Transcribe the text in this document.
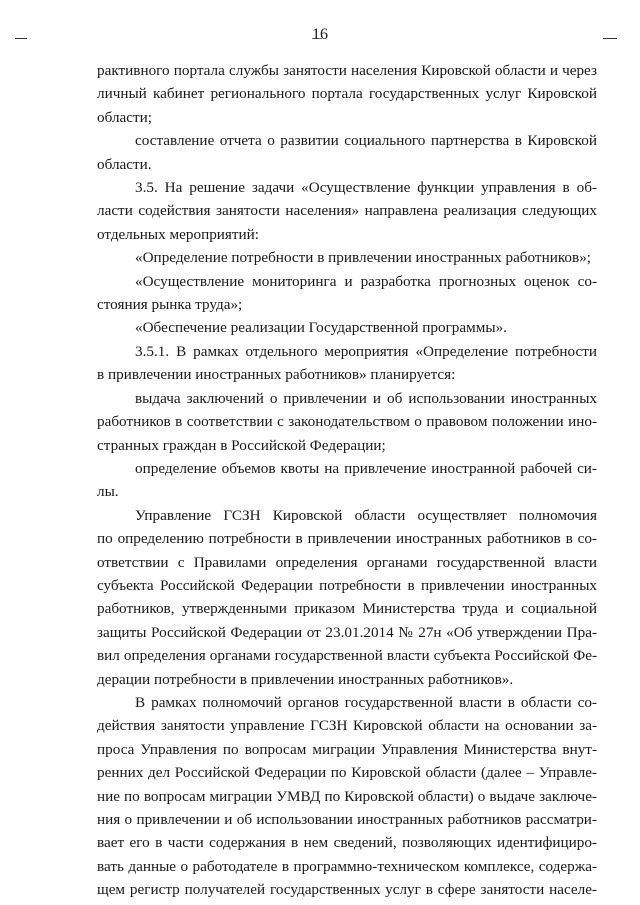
16

рактивного портала службы занятости населения Кировской области и через

личный кабинет регионального портала государственных услуг Кировской

области;

составление отчета о развитии социального партнерства в Кировской

области.

3.5. На решение задачи «Осуществление функции управления в об-

ласти содействия занятости населения» направлена реализация следующих

отдельных мероприятий:

«Определение потребности в привлечении иностранных работников»;

«Осуществление мониторинга и разработка прогнозных оценок со-

стояния рынка труда»;

«Обеспечение реализации Государственной программы».

3.5.1. В рамках отдельного мероприятия «Определение потребности

в привлечении иностранных работников» планируется:

выдача заключений о привлечении и об использовании иностранных

работников в соответствии с законодательством о правовом положении ино-

странных граждан в Российской Федерации;

определение объемов квоты на привлечение иностранной рабочей си-

лы.

Управление ГСЗН Кировской области осуществляет полномочия

по определению потребности в привлечении иностранных работников в со-

ответствии с Правилами определения органами государственной власти

субъекта Российской Федерации потребности в привлечении иностранных

работников, утвержденными приказом Министерства труда и социальной

защиты Российской Федерации от 23.01.2014 № 27н «Об утверждении Пра-

вил определения органами государственной власти субъекта Российской Фе-

дерации потребности в привлечении иностранных работников».

В рамках полномочий органов государственной власти в области со-

действия занятости управление ГСЗН Кировской области на основании за-

проса Управления по вопросам миграции Управления Министерства внут-

ренних дел Российской Федерации по Кировской области (далее – Управле-

ние по вопросам миграции УМВД по Кировской области) о выдаче заключе-

ния о привлечении и об использовании иностранных работников рассматри-

вает его в части содержания в нем сведений, позволяющих идентифициро-

вать данные о работодателе в программно-техническом комплексе, содержа-

щем регистр получателей государственных услуг в сфере занятости населе-
